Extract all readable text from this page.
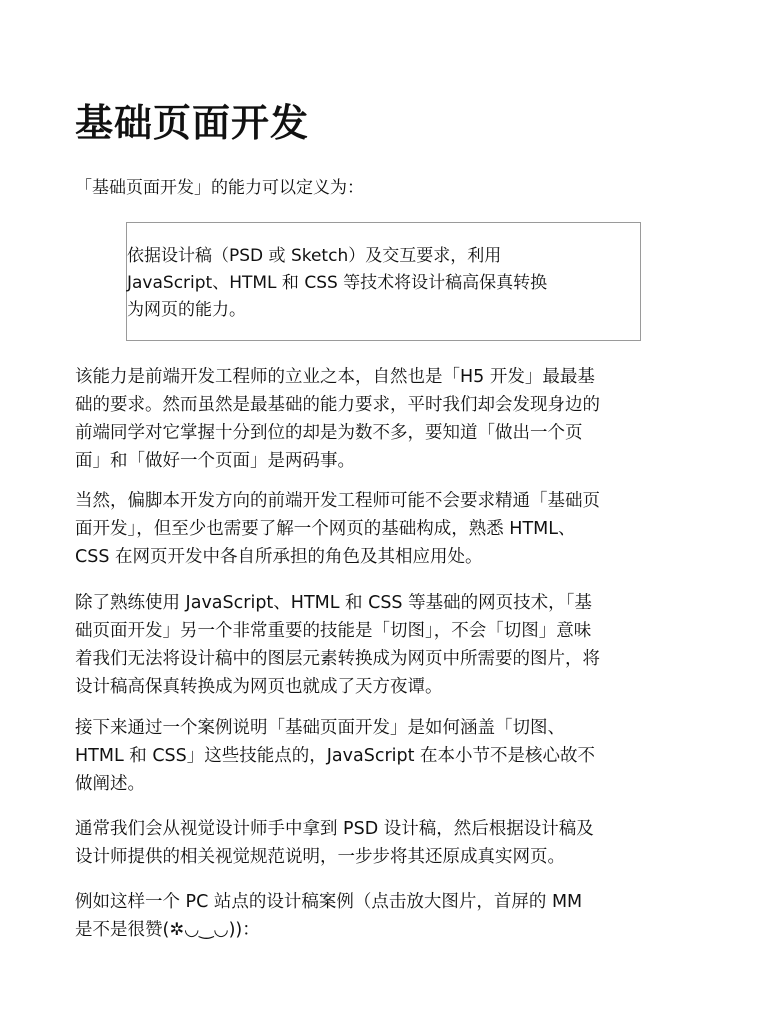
基础页面开发

「基础页面开发」的能力可以定义为：

依据设计稿（PSD 或 Sketch）及交互要求，利用

JavaScript、HTML 和 CSS 等技术将设计稿高保真转换

为网页的能力。

该能力是前端开发工程师的立业之本，自然也是「H5 开发」最最基

础的要求。然而虽然是最基础的能力要求，平时我们却会发现身边的

前端同学对它掌握十分到位的却是为数不多，要知道「做出一个页

面」和「做好一个页面」是两码事。

当然，偏脚本开发方向的前端开发工程师可能不会要求精通「基础页

面开发」，但至少也需要了解一个网页的基础构成，熟悉 HTML、

CSS 在网页开发中各自所承担的角色及其相应用处。

除了熟练使用 JavaScript、HTML 和 CSS 等基础的网页技术，「基

础页面开发」另一个非常重要的技能是「切图」，不会「切图」意味

着我们无法将设计稿中的图层元素转换成为网页中所需要的图片，将

设计稿高保真转换成为网页也就成了天方夜谭。

接下来通过一个案例说明「基础页面开发」是如何涵盖「切图、

HTML 和 CSS」这些技能点的，JavaScript 在本小节不是核心故不

做阐述。

通常我们会从视觉设计师手中拿到 PSD 设计稿，然后根据设计稿及

设计师提供的相关视觉规范说明，一步步将其还原成真实网页。

例如这样一个 PC 站点的设计稿案例（点击放大图片，首屏的 MM

是不是很赞(✲◡‿◡))：
